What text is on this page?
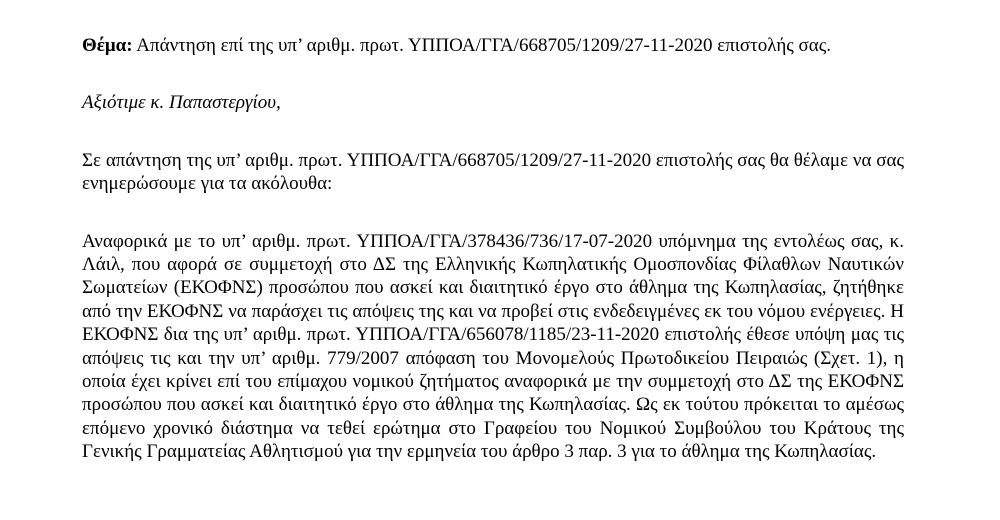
Θέμα: Απάντηση επί της υπ’ αριθμ. πρωτ. ΥΠΠΟΑ/ΓΓΑ/668705/1209/27-11-2020 επιστολής σας.

Αξιότιμε κ. Παπαστεργίου,

Σε απάντηση της υπ’ αριθμ. πρωτ. ΥΠΠΟΑ/ΓΓΑ/668705/1209/27-11-2020 επιστολής σας θα θέλαμε να σας ενημερώσουμε για τα ακόλουθα:

Αναφορικά με το υπ’ αριθμ. πρωτ. ΥΠΠΟΑ/ΓΓΑ/378436/736/17-07-2020 υπόμνημα της εντολέως σας, κ. Λάιλ, που αφορά σε συμμετοχή στο ΔΣ της Ελληνικής Κωπηλατικής Ομοσπονδίας Φίλαθλων Ναυτικών Σωματείων (ΕΚΟΦΝΣ) προσώπου που ασκεί και διαιτητικό έργο στο άθλημα της Κωπηλασίας, ζητήθηκε από την ΕΚΟΦΝΣ να παράσχει τις απόψεις της και να προβεί στις ενδεδειγμένες εκ του νόμου ενέργειες. Η ΕΚΟΦΝΣ δια της υπ’ αριθμ. πρωτ. ΥΠΠΟΑ/ΓΓΑ/656078/1185/23-11-2020 επιστολής έθεσε υπόψη μας τις απόψεις τις και την υπ’ αριθμ. 779/2007 απόφαση του Μονομελούς Πρωτοδικείου Πειραιώς (Σχετ. 1), η οποία έχει κρίνει επί του επίμαχου νομικού ζητήματος αναφορικά με την συμμετοχή στο ΔΣ της ΕΚΟΦΝΣ προσώπου που ασκεί και διαιτητικό έργο στο άθλημα της Κωπηλασίας. Ως εκ τούτου πρόκειται το αμέσως επόμενο χρονικό διάστημα να τεθεί ερώτημα στο Γραφείου του Νομικού Συμβούλου του Κράτους της Γενικής Γραμματείας Αθλητισμού για την ερμηνεία του άρθρο 3 παρ. 3 για το άθλημα της Κωπηλασίας.
